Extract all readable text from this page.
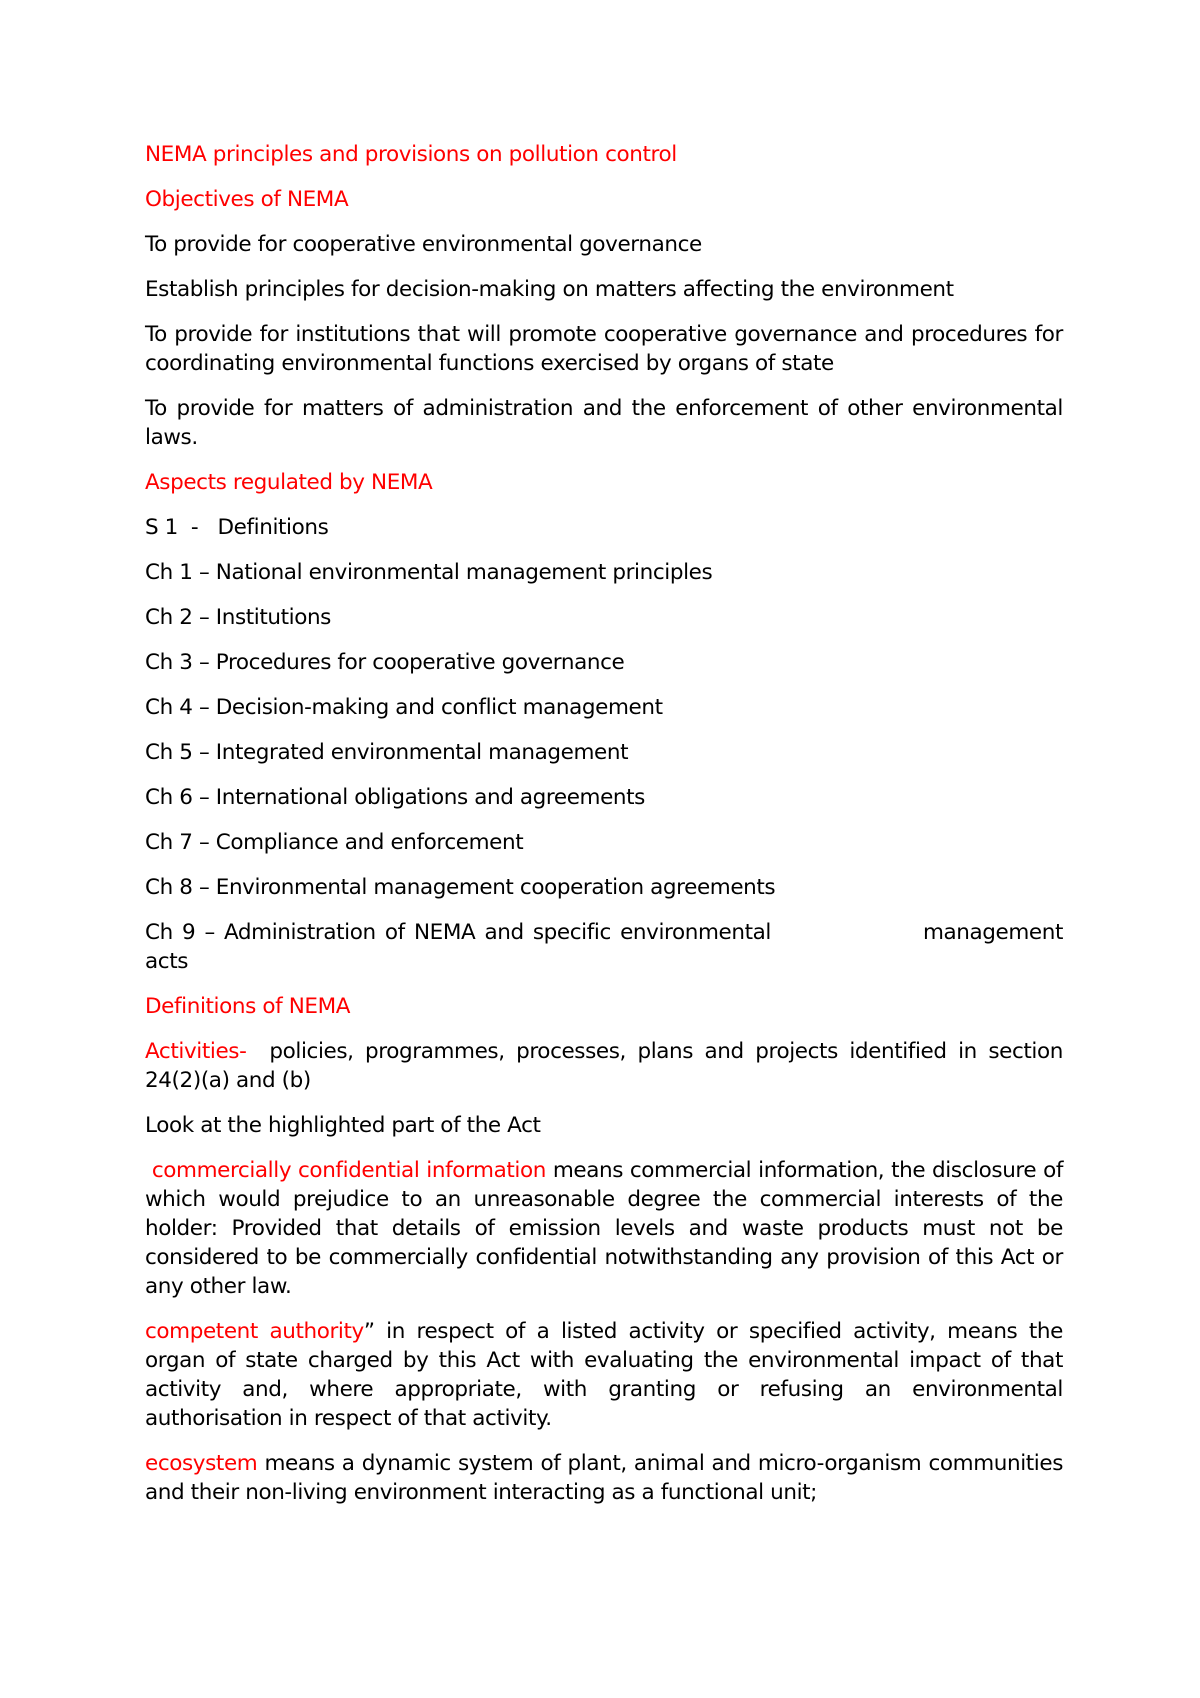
NEMA principles and provisions on pollution control

Objectives of NEMA

To provide for cooperative environmental governance

Establish principles for decision-making on matters affecting the environment

To provide for institutions that will promote cooperative governance and procedures for coordinating environmental functions exercised by organs of state

To provide for matters of administration and the enforcement of other environmental laws.

Aspects regulated by NEMA

S 1  -   Definitions

Ch 1 – National environmental management principles

Ch 2 – Institutions

Ch 3 – Procedures for cooperative governance

Ch 4 – Decision-making and conflict management

Ch 5 – Integrated environmental management

Ch 6 – International obligations and agreements

Ch 7 – Compliance and enforcement

Ch 8 – Environmental management cooperation agreements

Ch 9 – Administration of NEMA and specific environmental	management acts

Definitions of NEMA

Activities-  policies, programmes, processes, plans and projects identified in section 24(2)(a) and (b)

Look at the highlighted part of the Act

commercially confidential information means commercial information, the disclosure of which would prejudice to an unreasonable degree the commercial interests of the holder: Provided that details of emission levels and waste products must not be considered to be commercially confidential notwithstanding any provision of this Act or any other law.

competent authority” in respect of a listed activity or specified activity, means the organ of state charged by this Act with evaluating the environmental impact of that activity and, where appropriate, with granting or refusing an environmental authorisation in respect of that activity.

ecosystem means a dynamic system of plant, animal and micro-organism communities and their non-living environment interacting as a functional unit;
